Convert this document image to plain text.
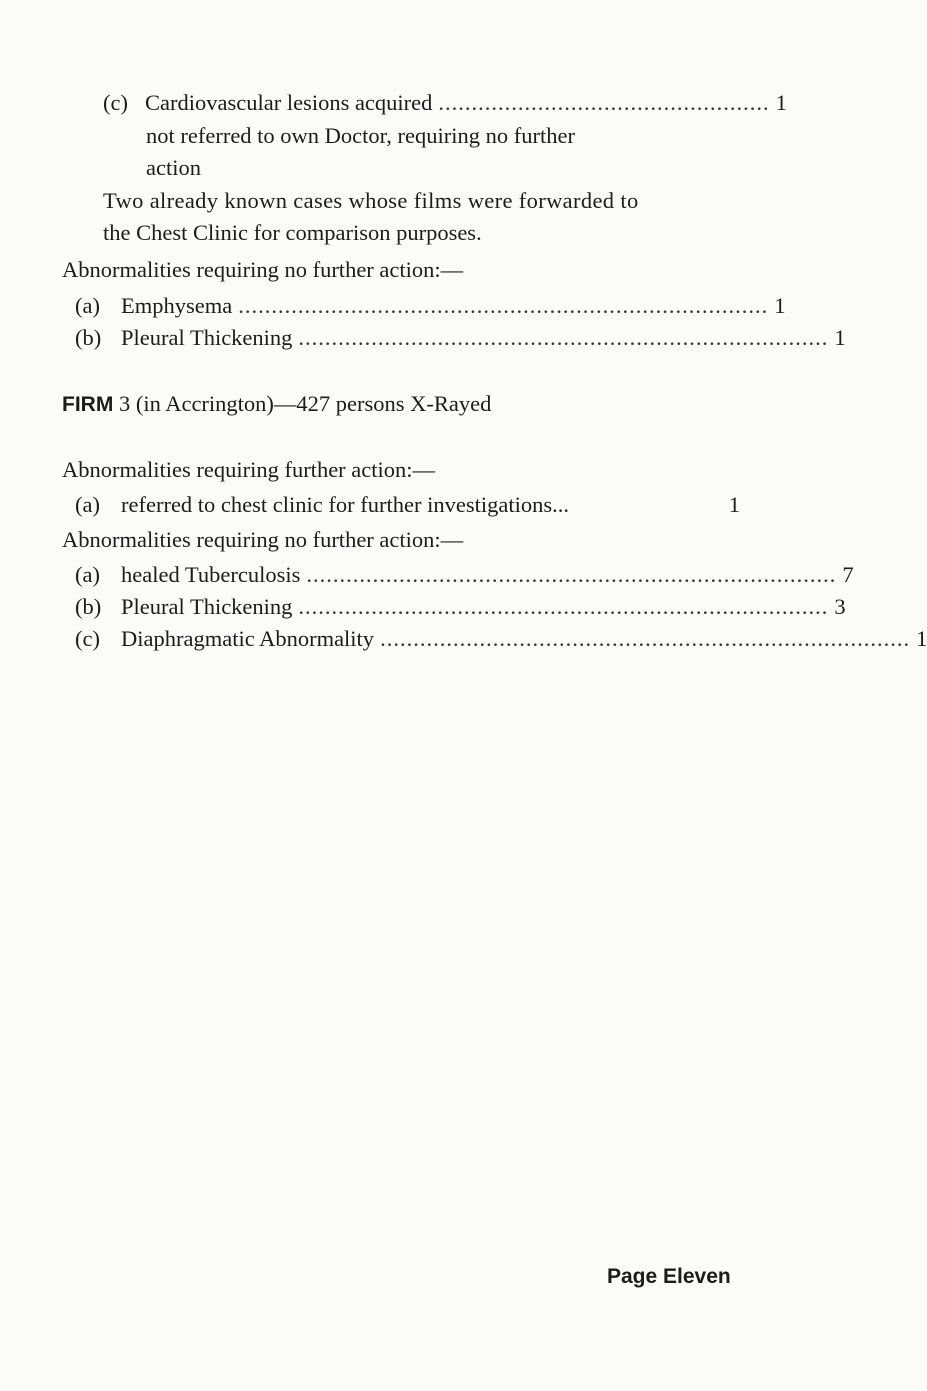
(c) Cardiovascular lesions acquired .................................................. 1
not referred to own Doctor, requiring no further
action
Two already known cases whose films were forwarded to
the Chest Clinic for comparison purposes.
Abnormalities requiring no further action:—
(a) Emphysema ................................................................................ 1
(b) Pleural Thickening ................................................................................ 1
FIRM 3 (in Accrington)—427 persons X-Rayed
Abnormalities requiring further action:—
(a) referred to chest clinic for further investigations...	1
Abnormalities requiring no further action:—
(a) healed Tuberculosis ................................................................................ 7
(b) Pleural Thickening ................................................................................ 3
(c) Diaphragmatic Abnormality ................................................................................ 1
Page Eleven
